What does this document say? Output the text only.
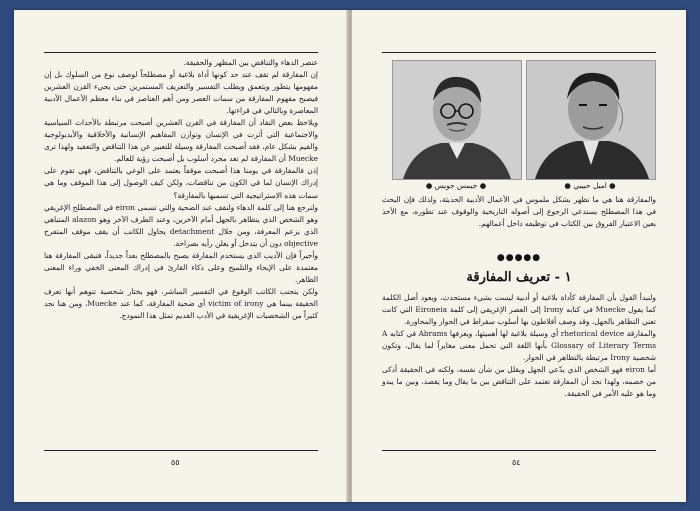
عنصر الدهاء والتناقض بين المظهر والحقيقة.

إن المفارقة لم تقف عند حد كونها أداة بلاغية أو مصطلحاً لوصف نوع من السلوك بل إن مفهومها يتطور ويتعمق ويطلب التفسير والتعريف المستمرين حتى يجيء القرن العشرين فيصبح مفهوم المفارقة من سمات العصر ومن أهم العناصر في بناء معظم الأعمال الأدبية المعاصرة وبالتالي في قراءتها.

ويلاحظ بعض النقاد أن المفارقة في القرن العشرين أصبحت مرتبطة بالأحداث السياسية والاجتماعية التي أثرت في الإنسان وتوازن المفاهيم الإنسانية والأخلاقية والأيديولوجية والقيم بشكل عام، فقد أصبحت المفارقة وسيلة للتعبير عن هذا التناقض والتعقيد ولهذا ترى Muecke أن المفارقة لم تعد مجرد أسلوب بل أصبحت رؤية للعالم.

إذن فالمفارقة في يومنا هذا أصبحت موقفاً يعتمد على الوعي بالتناقض، فهي تقوم على إدراك الإنسان لما في الكون من تناقضات، ولكن كيف الوصول إلى هذا الموقف وما هي سمات هذه الاستراتيجية التي تسميها بالمفارقة؟

ولنرجع هنا إلى كلمة الدهاء ولنقف عند الضحية والتي تسمى eiron في المصطلح الإغريقي وهو الشخص الذي يتظاهر بالجهل أمام الآخرين، وعند الطرف الآخر وهو alazon المتباهي الذي يزعم المعرفة، ومن خلال detachment يحاول الكاتب أن يقف موقف المتفرج objective دون أن يتدخل أو يعلن رأيه بصراحة.

وأخيراً فإن الأديب الذي يستخدم المفارقة يصبح بالمصطلح بعداً جديداً، فتبقى المفارقة هنا معتمدة على الإيحاء والتلميح وعلى ذكاء القارئ في إدراك المعنى الخفي وراء المعنى الظاهر.

ولكن يتجنب الكاتب الوقوع في التفسير المباشر، فهو يختار شخصية تتوهم أنها تعرف الحقيقة بينما هي victim of irony أي ضحية المفارقة، كما عند Muecke، ومن هنا نجد كثيراً من الشخصيات الإغريقية في الأدب القديم تمثل هذا النموذج.

٥٥
● جيمس جويس ●	● اميل حبيبي ●

والمفارقة هنا هي ما تظهر بشكل ملموس في الأعمال الأدبية الحديثة، ولذلك فإن البحث في هذا المصطلح يستدعي الرجوع إلى أصوله التاريخية والوقوف عند تطوره، مع الأخذ بعين الاعتبار الفروق بين الكتاب في توظيفه داخل أعمالهم.

●●●●●
١ - تعريف المفارقة

ولنبدأ القول بأن المفارقة كأداة بلاغية أو أدبية ليست بشيء مستحدث، ويعود أصل الكلمة كما يقول Muecke في كتابه Irony إلى العصر الإغريقي إلى كلمة Eironeia التي كانت تعني التظاهر بالجهل، وقد وصف أفلاطون بها أسلوب سقراط في الحوار والمحاورة.

والمفارقة rhetorical device أي وسيلة بلاغية لها أهميتها، ويعرفها Abrams في كتابه A Glossary of Literary Terms بأنها اللغة التي تحمل معنى مغايراً لما يقال، وتكون شخصية Irony مرتبطة بالتظاهر في الحوار.

أما eiron فهو الشخص الذي يدّعي الجهل ويقلل من شأن نفسه، ولكنه في الحقيقة أذكى من خصمه، ولهذا نجد أن المفارقة تعتمد على التناقض بين ما يقال وما يقصد، وبين ما يبدو وما هو عليه الأمر في الحقيقة.

٥٤
